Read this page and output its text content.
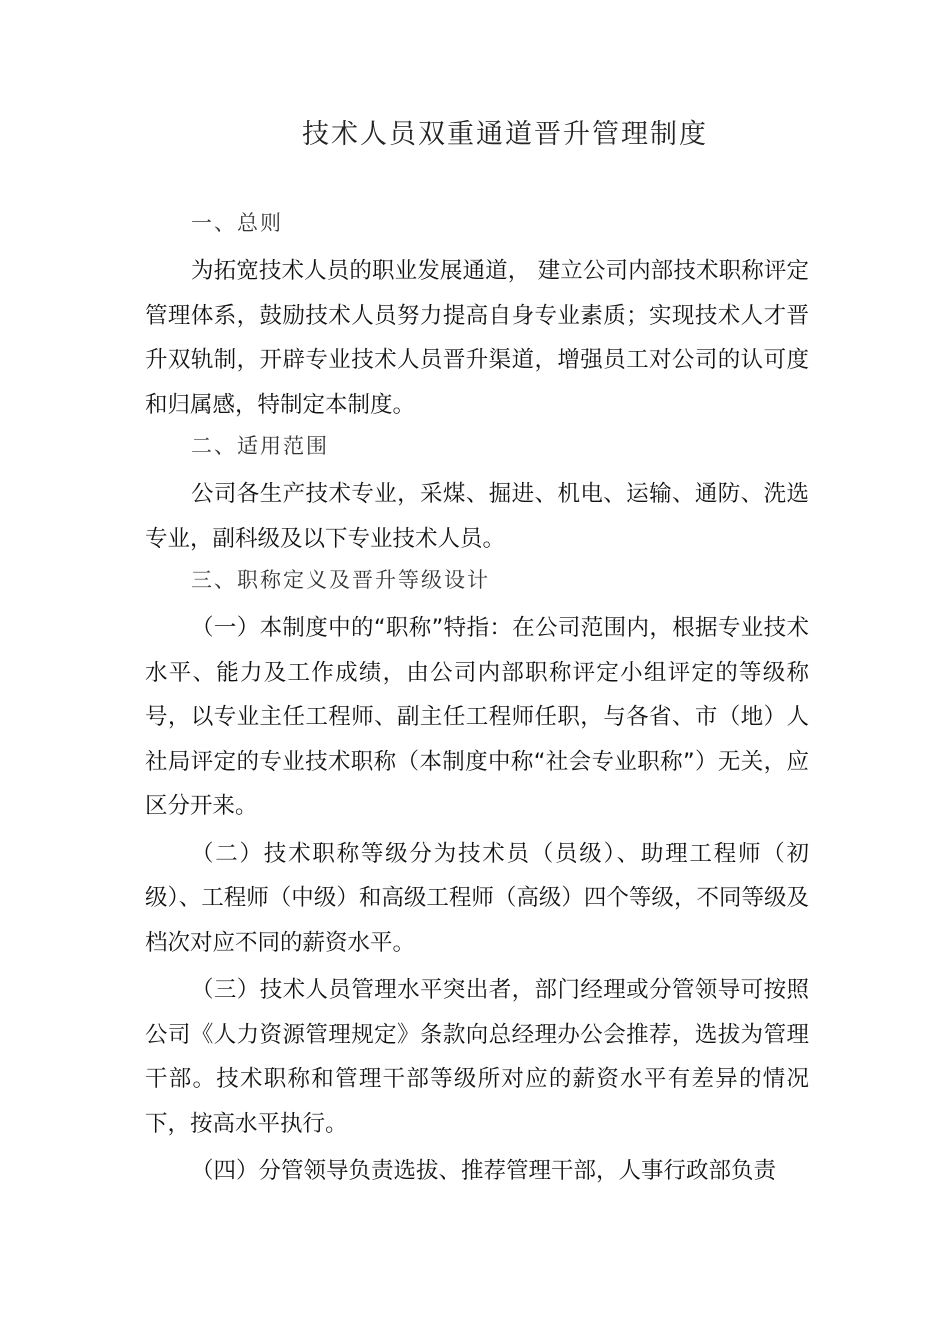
技术人员双重通道晋升管理制度
一、总则

为拓宽技术人员的职业发展通道， 建立公司内部技术职称评定管理体系，鼓励技术人员努力提高自身专业素质；实现技术人才晋升双轨制，开辟专业技术人员晋升渠道，增强员工对公司的认可度和归属感，特制定本制度。

二、适用范围

公司各生产技术专业，采煤、掘进、机电、运输、通防、洗选专业，副科级及以下专业技术人员。

三、职称定义及晋升等级设计

（一）本制度中的“职称”特指：在公司范围内，根据专业技术水平、能力及工作成绩，由公司内部职称评定小组评定的等级称号，以专业主任工程师、副主任工程师任职，与各省、市（地）人社局评定的专业技术职称（本制度中称“社会专业职称”）无关，应区分开来。

（二）技术职称等级分为技术员（员级）、助理工程师（初级）、工程师（中级）和高级工程师（高级）四个等级，不同等级及档次对应不同的薪资水平。

（三）技术人员管理水平突出者，部门经理或分管领导可按照公司《人力资源管理规定》条款向总经理办公会推荐，选拔为管理干部。技术职称和管理干部等级所对应的薪资水平有差异的情况下，按高水平执行。

（四）分管领导负责选拔、推荐管理干部，人事行政部负责
